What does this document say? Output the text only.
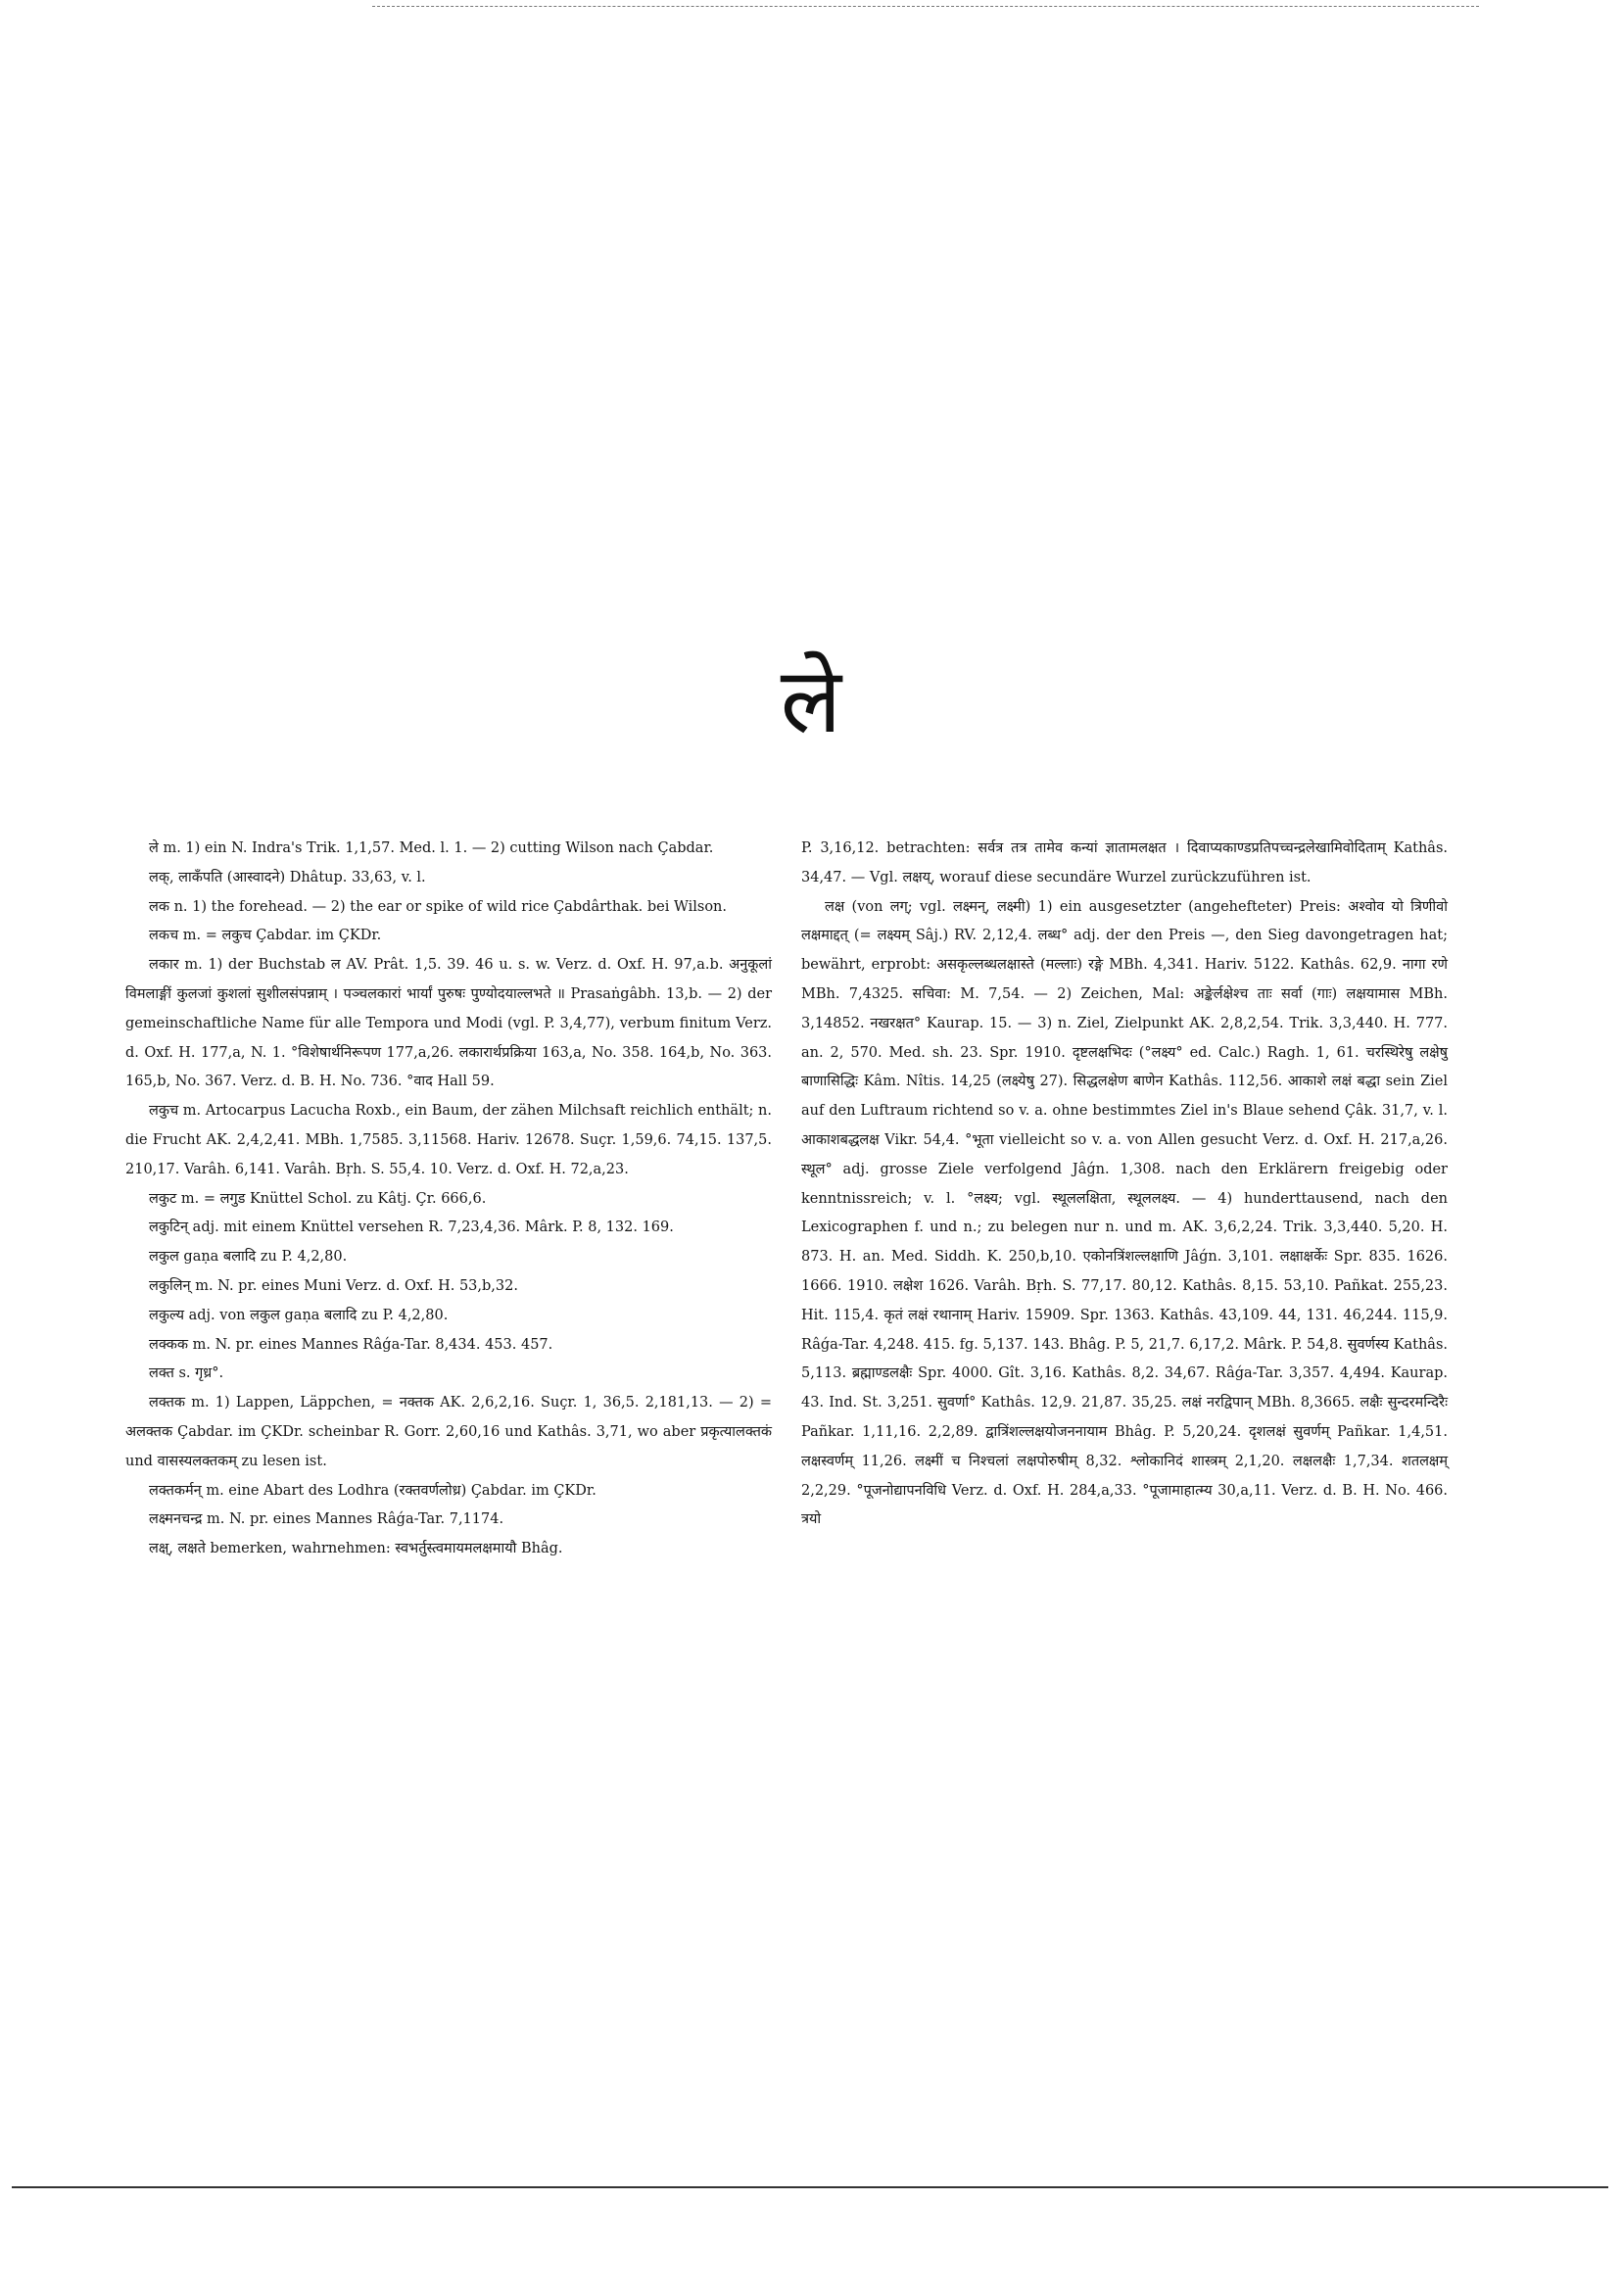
ले

ले m. 1) ein N. Indra's Trik. 1,1,57. Med. l. 1. — 2) cutting Wilson nach Çabdar.

लक्, लाकँपति (आस्वादने) Dhâtup. 33,63, v. l.

लक n. 1) the forehead. — 2) the ear or spike of wild rice Çabdârthak. bei Wilson.

लकच m. = लकुच Çabdar. im ÇKDr.

लकार m. 1) der Buchstab ल AV. Prât. 1,5. 39. 46 u. s. w. Verz. d. Oxf. H. 97,a.b. अनुकूलां विमलाङ्गीं कुलजां कुशलां सुशीलसंपन्नाम् । पञ्चलकारां भार्यां पुरुषः पुण्योदयाल्लभते ॥ Prasaṅgâbh. 13,b. — 2) der gemeinschaftliche Name für alle Tempora und Modi (vgl. P. 3,4,77), verbum finitum Verz. d. Oxf. H. 177,a, N. 1. °विशेषार्थनिरूपण 177,a,26. लकारार्थप्रक्रिया 163,a, No. 358. 164,b, No. 363. 165,b, No. 367. Verz. d. B. H. No. 736. °वाद Hall 59.

लकुच m. Artocarpus Lacucha Roxb., ein Baum, der zähen Milchsaft reichlich enthält; n. die Frucht AK. 2,4,2,41. MBh. 1,7585. 3,11568. Hariv. 12678. Suçr. 1,59,6. 74,15. 137,5. 210,17. Varâh. 6,141. Varâh. Bṛh. S. 55,4. 10. Verz. d. Oxf. H. 72,a,23.

लकुट m. = लगुड Knüttel Schol. zu Kâtj. Çr. 666,6.

लकुटिन् adj. mit einem Knüttel versehen R. 7,23,4,36. Mârk. P. 8, 132. 169.

लकुल gaṇa बलादि zu P. 4,2,80.

लकुलिन् m. N. pr. eines Muni Verz. d. Oxf. H. 53,b,32.

लकुल्य adj. von लकुल gaṇa बलादि zu P. 4,2,80.

लक्कक m. N. pr. eines Mannes Râǵa-Tar. 8,434. 453. 457.

लक्त s. गृध्र°.

लक्तक m. 1) Lappen, Läppchen, = नक्तक AK. 2,6,2,16. Suçr. 1, 36,5. 2,181,13. — 2) = अलक्तक Çabdar. im ÇKDr. scheinbar R. Gorr. 2,60,16 und Kathâs. 3,71, wo aber प्रकृत्यालक्तकं und वासस्यलक्तकम् zu lesen ist.

लक्तकर्मन् m. eine Abart des Lodhra (रक्तवर्णलोध्र) Çabdar. im ÇKDr.

लक्ष्मनचन्द्र m. N. pr. eines Mannes Râǵa-Tar. 7,1174.

लक्ष्, लक्षते bemerken, wahrnehmen: स्वभर्तुस्त्वमायमलक्षमायौ Bhâg.

P. 3,16,12. betrachten: सर्वत्र तत्र तामेव कन्यां ज्ञातामलक्षत । दिवाप्यकाण्डप्रतिपच्चन्द्रलेखामिवोदिताम् Kathâs. 34,47. — Vgl. लक्षय्, worauf diese secundäre Wurzel zurückzuführen ist.

लक्ष (von लग्; vgl. लक्ष्मन्, लक्ष्मी) 1) ein ausgesetzter (angehefteter) Preis: अश्वोव यो त्रिणीवो लक्षमाद्दत् (= लक्ष्यम् Sâj.) RV. 2,12,4. लब्ध° adj. der den Preis —, den Sieg davongetragen hat; bewährt, erprobt: असकृल्लब्धलक्षास्ते (मल्लाः) रङ्गे MBh. 4,341. Hariv. 5122. Kathâs. 62,9. नागा रणे MBh. 7,4325. सचिवा: M. 7,54. — 2) Zeichen, Mal: अङ्केर्लक्षेश्च ताः सर्वा (गाः) लक्षयामास MBh. 3,14852. नखरक्षत° Kaurap. 15. — 3) n. Ziel, Zielpunkt AK. 2,8,2,54. Trik. 3,3,440. H. 777. an. 2, 570. Med. sh. 23. Spr. 1910. दृष्टलक्षभिदः (°लक्ष्य° ed. Calc.) Ragh. 1, 61. चरस्थिरेषु लक्षेषु बाणासिद्धिः Kâm. Nîtis. 14,25 (लक्ष्येषु 27). सिद्धलक्षेण बाणेन Kathâs. 112,56. आकाशे लक्षं बद्धा sein Ziel auf den Luftraum richtend so v. a. ohne bestimmtes Ziel in's Blaue sehend Çâk. 31,7, v. l. आकाशबद्धलक्ष Vikr. 54,4. °भूता vielleicht so v. a. von Allen gesucht Verz. d. Oxf. H. 217,a,26. स्थूल° adj. grosse Ziele verfolgend Jâǵn. 1,308. nach den Erklärern freigebig oder kenntnissreich; v. l. °लक्ष्य; vgl. स्थूललक्षिता, स्थूललक्ष्य. — 4) hunderttausend, nach den Lexicographen f. und n.; zu belegen nur n. und m. AK. 3,6,2,24. Trik. 3,3,440. 5,20. H. 873. H. an. Med. Siddh. K. 250,b,10. एकोनत्रिंशल्लक्षाणि Jâǵn. 3,101. लक्षाक्षर्केः Spr. 835. 1626. 1666. 1910. लक्षेश 1626. Varâh. Bṛh. S. 77,17. 80,12. Kathâs. 8,15. 53,10. Pañkat. 255,23. Hit. 115,4. कृतं लक्षं रथानाम् Hariv. 15909. Spr. 1363. Kathâs. 43,109. 44, 131. 46,244. 115,9. Râǵa-Tar. 4,248. 415. fg. 5,137. 143. Bhâg. P. 5, 21,7. 6,17,2. Mârk. P. 54,8. सुवर्णस्य Kathâs. 5,113. ब्रह्माण्डलक्षैः Spr. 4000. Gît. 3,16. Kathâs. 8,2. 34,67. Râǵa-Tar. 3,357. 4,494. Kaurap. 43. Ind. St. 3,251. सुवर्णा° Kathâs. 12,9. 21,87. 35,25. लक्षं नरद्विपान् MBh. 8,3665. लक्षैः सुन्दरमन्दिरैः Pañkar. 1,11,16. 2,2,89. द्वात्रिंशल्लक्षयोजननायाम Bhâg. P. 5,20,24. दृशलक्षं सुवर्णम् Pañkar. 1,4,51. लक्षस्वर्णम् 11,26. लक्ष्मीं च निश्चलां लक्षपोरुषीम् 8,32. श्लोकानिदं शास्त्रम् 2,1,20. लक्षलक्षैः 1,7,34. शतलक्षम् 2,2,29. °पूजनोद्यापनविधि Verz. d. Oxf. H. 284,a,33. °पूजामाहात्म्य 30,a,11. Verz. d. B. H. No. 466. त्रयो
